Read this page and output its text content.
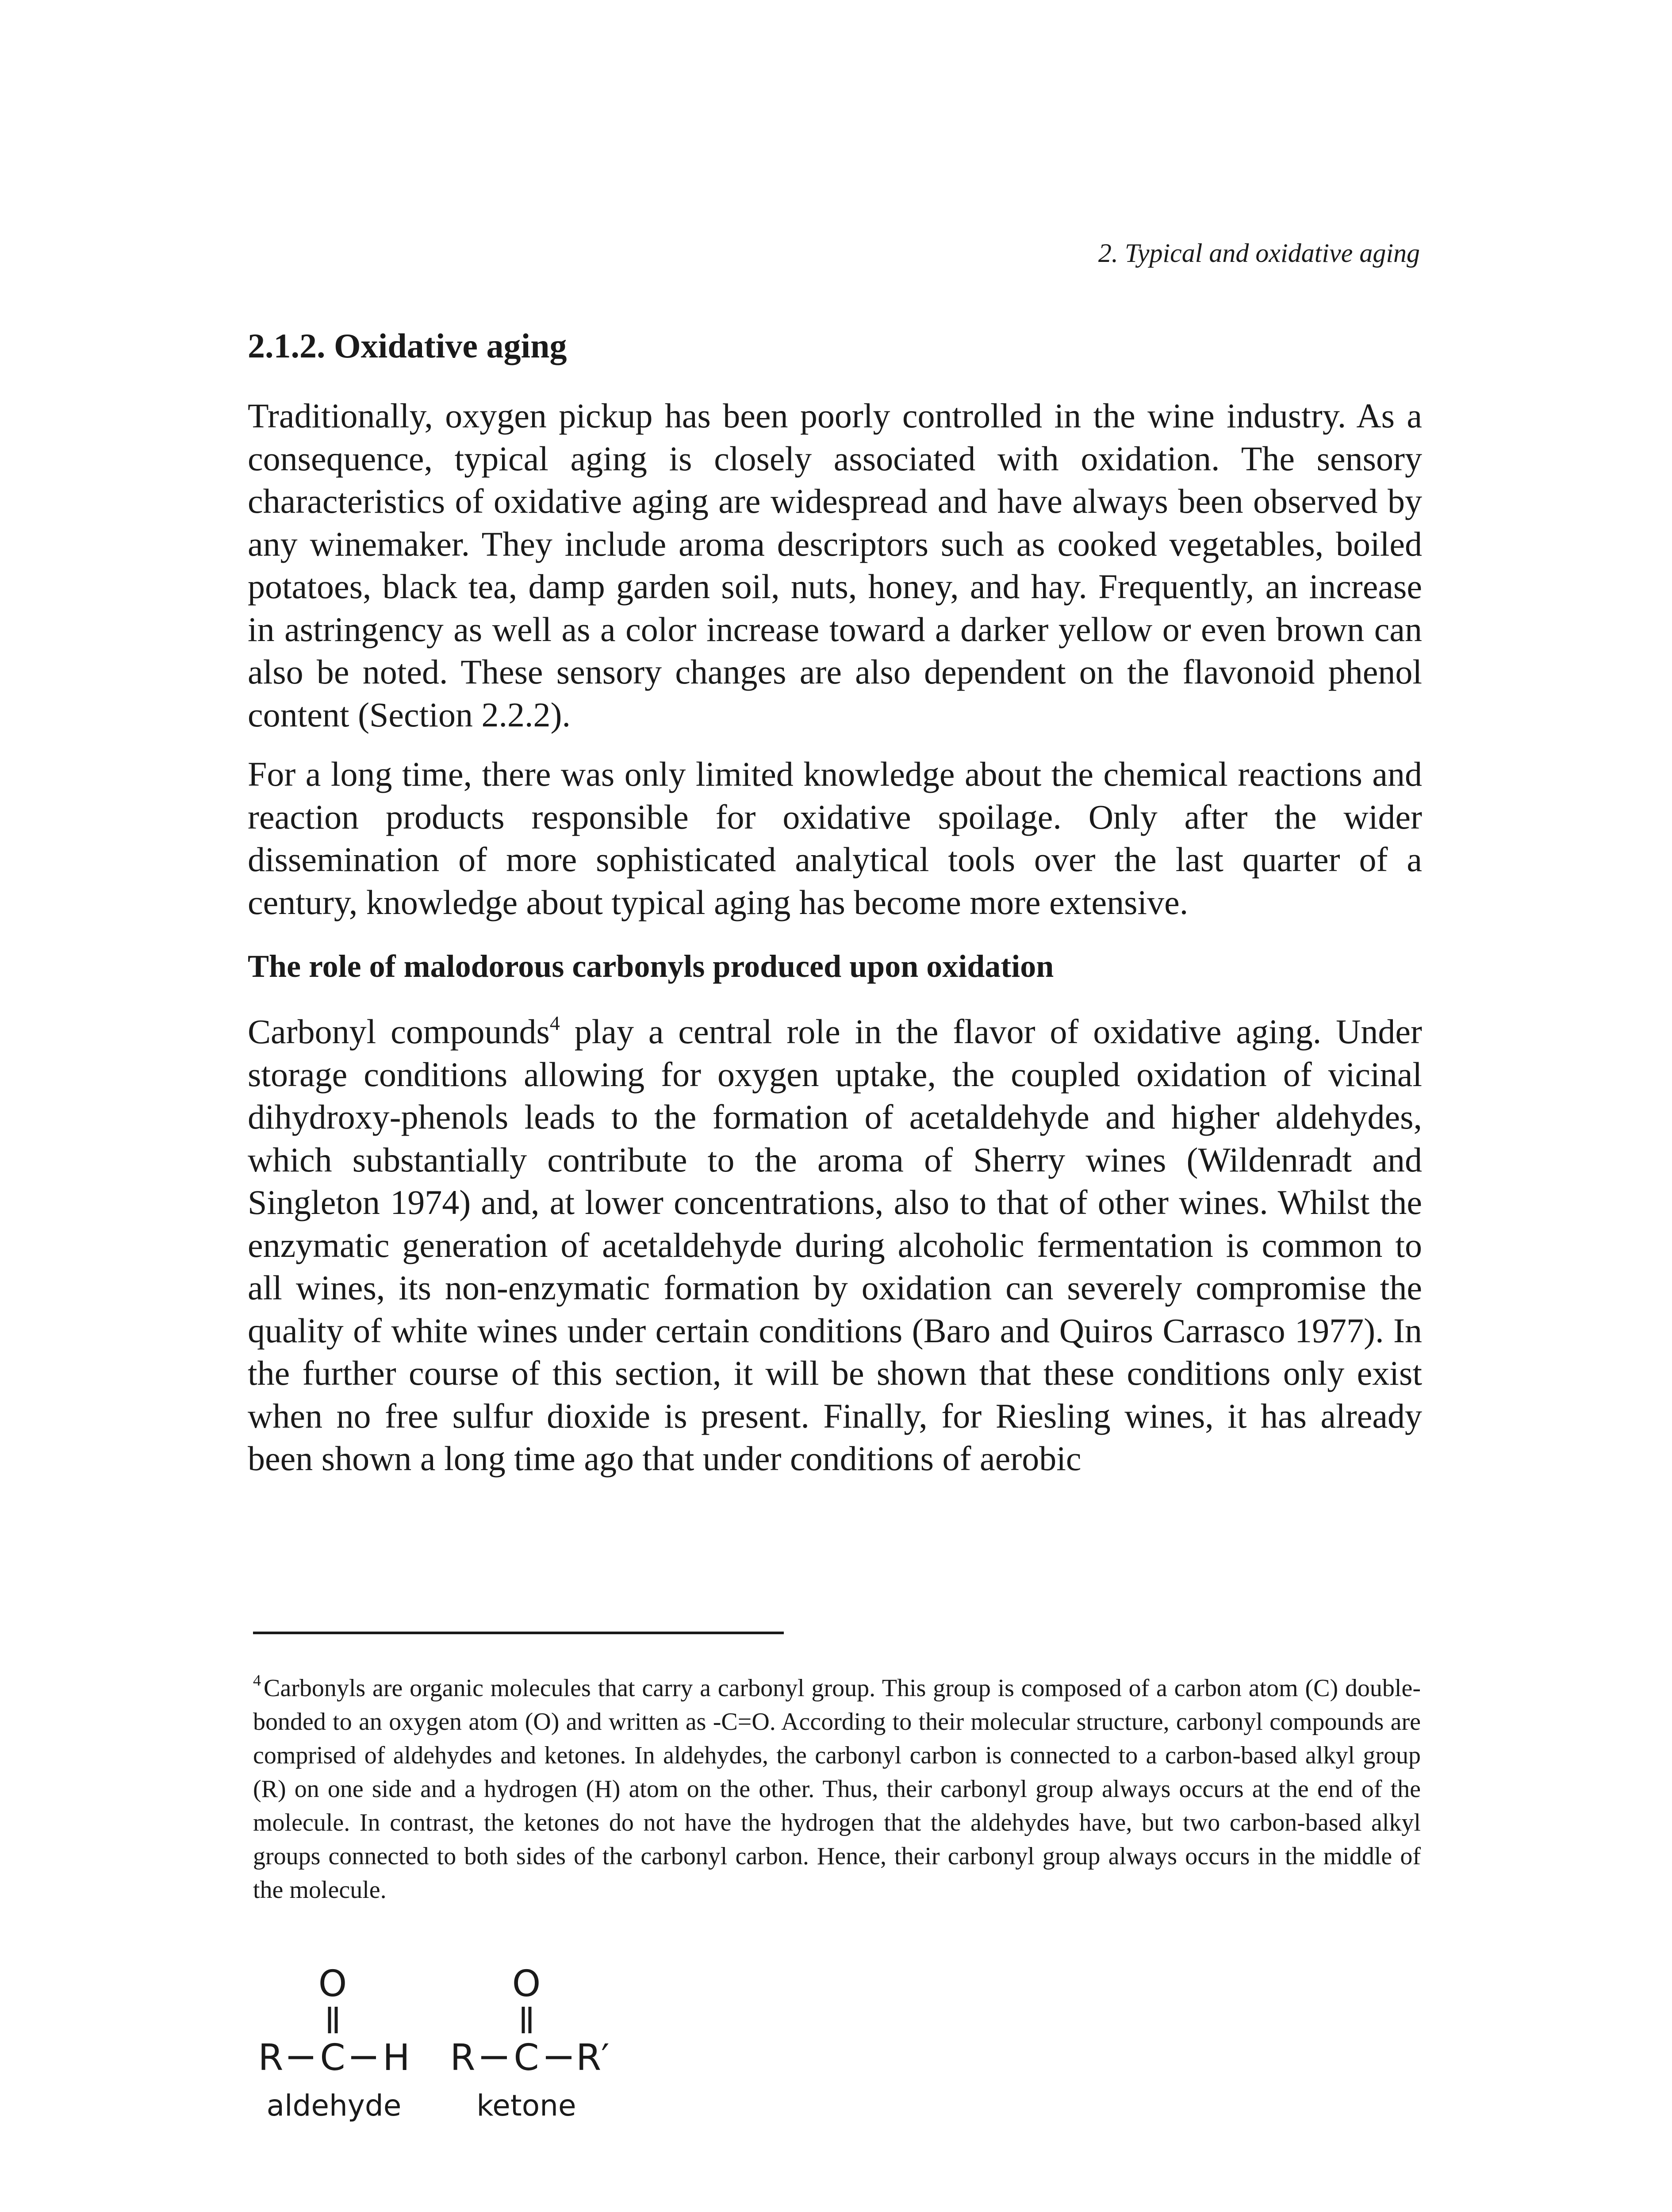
2. Typical and oxidative aging
2.1.2. Oxidative aging

Traditionally, oxygen pickup has been poorly controlled in the wine industry. As a consequence, typical aging is closely associated with oxidation. The sensory characteristics of oxidative aging are widespread and have always been observed by any winemaker. They include aroma descriptors such as cooked vegetables, boiled potatoes, black tea, damp garden soil, nuts, honey, and hay. Frequently, an increase in astringency as well as a color increase toward a darker yellow or even brown can also be noted. These sensory changes are also dependent on the flavonoid phenol content (Section 2.2.2).

For a long time, there was only limited knowledge about the chemical reactions and reaction products responsible for oxidative spoilage. Only after the wider dissemination of more sophisticated analytical tools over the last quarter of a century, knowledge about typical aging has become more extensive.

The role of malodorous carbonyls produced upon oxidation

Carbonyl compounds$^4$ play a central role in the flavor of oxidative aging. Under storage conditions allowing for oxygen uptake, the coupled oxidation of vicinal dihydroxy-phenols leads to the formation of acetaldehyde and higher aldehydes, which substantially contribute to the aroma of Sherry wines (Wildenradt and Singleton 1974) and, at lower concentrations, also to that of other wines. Whilst the enzymatic generation of acetaldehyde during alcoholic fermentation is common to all wines, its non-enzymatic formation by oxidation can severely compromise the quality of white wines under certain conditions (Baro and Quiros Carrasco 1977). In the further course of this section, it will be shown that these conditions only exist when no free sulfur dioxide is present. Finally, for Riesling wines, it has already been shown a long time ago that under conditions of aerobic

$^4$ Carbonyls are organic molecules that carry a carbonyl group. This group is composed of a carbon atom (C) double-bonded to an oxygen atom (O) and written as -C=O. According to their molecular structure, carbonyl compounds are comprised of aldehydes and ketones. In aldehydes, the carbonyl carbon is connected to a carbon-based alkyl group (R) on one side and a hydrogen (H) atom on the other. Thus, their carbonyl group always occurs at the end of the molecule. In contrast, the ketones do not have the hydrogen that the aldehydes have, but two carbon-based alkyl groups connected to both sides of the carbonyl carbon. Hence, their carbonyl group always occurs in the middle of the molecule.

O
R C H
aldehyde
O
R C R′
ketone
